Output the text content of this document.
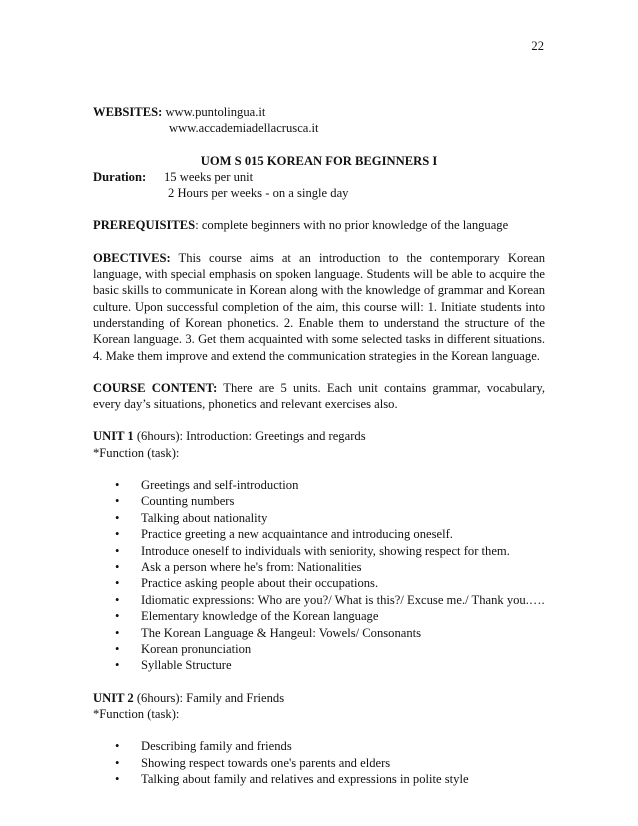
22
WEBSITES: www.puntolingua.it
www.accademiadellacrusca.it
UOM S 015 KOREAN FOR BEGINNERS I
Duration:	15 weeks per unit
2 Hours per weeks - on a single day
PREREQUISITES: complete beginners with no prior knowledge of the language
OBECTIVES: This course aims at an introduction to the contemporary Korean language, with special emphasis on spoken language. Students will be able to acquire the basic skills to communicate in Korean along with the knowledge of grammar and Korean culture. Upon successful completion of the aim, this course will: 1. Initiate students into understanding of Korean phonetics. 2. Enable them to understand the structure of the Korean language. 3. Get them acquainted with some selected tasks in different situations. 4. Make them improve and extend the communication strategies in the Korean language.
COURSE CONTENT: There are 5 units. Each unit contains grammar, vocabulary, every day’s situations, phonetics and relevant exercises also.
UNIT 1 (6hours): Introduction: Greetings and regards
*Function (task):
•
Greetings and self-introduction
•
Counting numbers
•
Talking about nationality
•
Practice greeting a new acquaintance and introducing oneself.
•
Introduce oneself to individuals with seniority, showing respect for them.
•
Ask a person where he's from: Nationalities
•
Practice asking people about their occupations.
•
Idiomatic expressions: Who are you?/ What is this?/ Excuse me./ Thank you.….
•
Elementary knowledge of the Korean language
•
The Korean Language & Hangeul: Vowels/ Consonants
•
Korean pronunciation
•
Syllable Structure
UNIT 2 (6hours): Family and Friends
*Function (task):
•
Describing family and friends
•
Showing respect towards one's parents and elders
•
Talking about family and relatives and expressions in polite style
